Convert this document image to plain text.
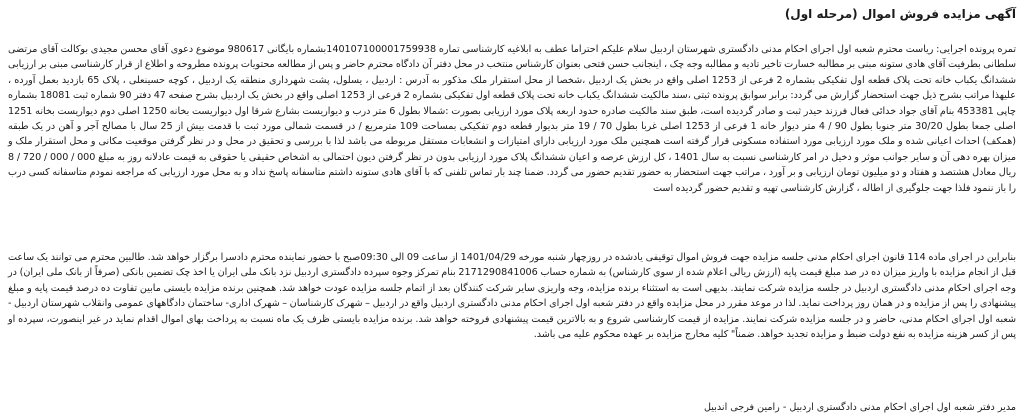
آگهی مزایده فروش اموال (مرحله اول)

تمره پرونده اجرایی: ریاست محترم شعبه اول اجرای احکام مدنی دادگستری شهرستان اردبیل سلام علیکم احتراما عطف به ابلاغیه کارشناسی تماره 140107100001759938بشماره بایگانی 980617 موضوع دعوی آقای محسن مجیدی بوکالت آقای مرتضی سلطانی بطرفیت آقای هادی ستونه مبنی بر مطالبه خسارت تاخیر تادیه و مطالبه وجه چک ، اینجانب حسن فتحی بعنوان کارشناس منتخب در محل دفتر آن دادگاه محترم حاضر و پس از مطالعه محتویات پرونده مطروحه و اطلاع از قرار کارشناسی مبنی بر ارزیابی ششدانگ یکباب خانه تحت پلاک قطعه اول تفکیکی بشماره 2 فرعی از 1253 اصلی واقع در بخش یک اردبیل ،شخصا از محل استقرار ملک مذکور به آدرس : اردبیل ، یسلول، پشت شهرداری منطقه یک اردبیل ، کوچه حسینعلی ، پلاک 65 بازدید بعمل آورده ، علیهذا مراتب بشرح ذیل جهت استحضار گزارش می گردد: برابر سوابق پرونده ثبتی ،سند مالکیت ششدانگ یکباب خانه تحت پلاک قطعه اول تفکیکی بشماره 2 فرعی از 1253 اصلی واقع در بخش یک اردبیل بشرح صفحه 47 دفتر 90 شماره ثبت 18081 بشماره چاپی 453381 بنام آقای جواد خدائی فعال فرزند حیدر ثبت و صادر گردیده است، طبق سند مالکیت صادره حدود اربعه پلاک مورد ارزیابی بصورت :شمالا بطول 6 متر درب و دیواریست بشارع شرقا اول دیواریست بخانه 1250 اصلی دوم دیواریست بخانه 1251 اصلی جمعا بطول 30/20 متر جنوبا بطول 90 / 4 متر دیوار خانه 1 فرعی از 1253 اصلی غربا بطول 70 / 19 متر بدیوار قطعه دوم تفکیکی بمساحت 109 مترمربع / در قسمت شمالی مورد ثبت با قدمت بیش از 25 سال با مصالح آجر و آهن در یک طبقه (همکف) احداث اعیانی شده و ملک مورد ارزیابی مورد استفاده مسکونی قرار گرفته است همچنین ملک مورد ارزیابی دارای امتیازات و انشعابات مستقل مربوطه می باشد لذا با بررسی و تحقیق در محل و در نظر گرفتن موقعیت مکانی و محل استقرار ملک و میزان بهره دهی آن و سایر جوانب موثر و دخیل در امر کارشناسی نسبت به سال 1401 ، کل ارزش عرصه و اعیان ششدانگ پلاک مورد ارزیابی بدون در نظر گرفتن دیون احتمالی به اشخاص حقیقی یا حقوقی به قیمت عادلانه روز به مبلغ 000 / 000 / 720 / 8 ریال معادل هشتصد و هفتاد و دو میلیون تومان ارزیابی و بر آورد ، مراتب جهت استحضار به حضور تقدیم حضور می گردد. ضمنا چند بار تماس تلفنی که با آقای هادی ستونه داشتم متاسفانه پاسخ نداد و به محل مورد ارزیابی که مراجعه نمودم متاسفانه کسی درب را باز ننمود فلذا جهت جلوگیری از اطاله ، گزارش کارشناسی تهیه و تقدیم حضور گردیده است

بنابراین در اجرای ماده 114 قانون اجرای احکام مدنی جلسه مزایده جهت فروش اموال توقیفی یادشده در روزچهار شنبه مورخه 1401/04/29 از ساعت 09 الی 09:30صبح با حضور نماینده محترم دادسرا برگزار خواهد شد. طالبین محترم می توانند یک ساعت قبل از انجام مزایده با واریز میزان ده در صد مبلغ قیمت پایه (ارزش ریالی اعلام شده از سوی کارشناس) به شماره حساب 2171290841006 بنام تمرکز وجوه سپرده دادگستری اردبیل نزد بانک ملی ایران یا اخذ چک تضمین بانکی (صرفاً از بانک ملی ایران) در وجه اجرای احکام مدنی دادگستری اردبیل در جلسه مزایده شرکت نمایند. بدیهی است به استثناء برنده مزایده، وجه واریزی سایر شرکت کنندگان بعد از اتمام جلسه مزایده عودت خواهد شد. همچنین برنده مزایده بایستی مابین تفاوت ده درصد قیمت پایه و مبلغ پیشنهادی را پس از مزایده و در همان روز پرداخت نماید. لذا در موعد مقرر در محل مزایده واقع در دفتر شعبه اول اجرای احکام مدنی دادگستری اردبیل واقع در اردبیل – شهرک کارشناسان – شهرک اداری- ساختمان دادگاههای عمومی وانقلاب شهرستان اردبیل - شعبه اول اجرای احکام مدنی، حاضر و در جلسه مزایده شرکت نمایند. مزایده از قیمت کارشناسی شروع و به بالاترین قیمت پیشنهادی فروخته خواهد شد. برنده مزایده بایستی ظرف یک ماه نسبت به پرداخت بهای اموال اقدام نماید در غیر اینصورت، سپرده او پس از کسر هزینه مزایده به نفع دولت ضبط و مزایده تجدید خواهد. ضمناً" کلیه مخارج مزایده بر عهده محکوم علیه می باشد.

مدیر دفتر شعبه اول اجرای احکام مدنی دادگستری اردبیل - رامین فرجی اندبیل
